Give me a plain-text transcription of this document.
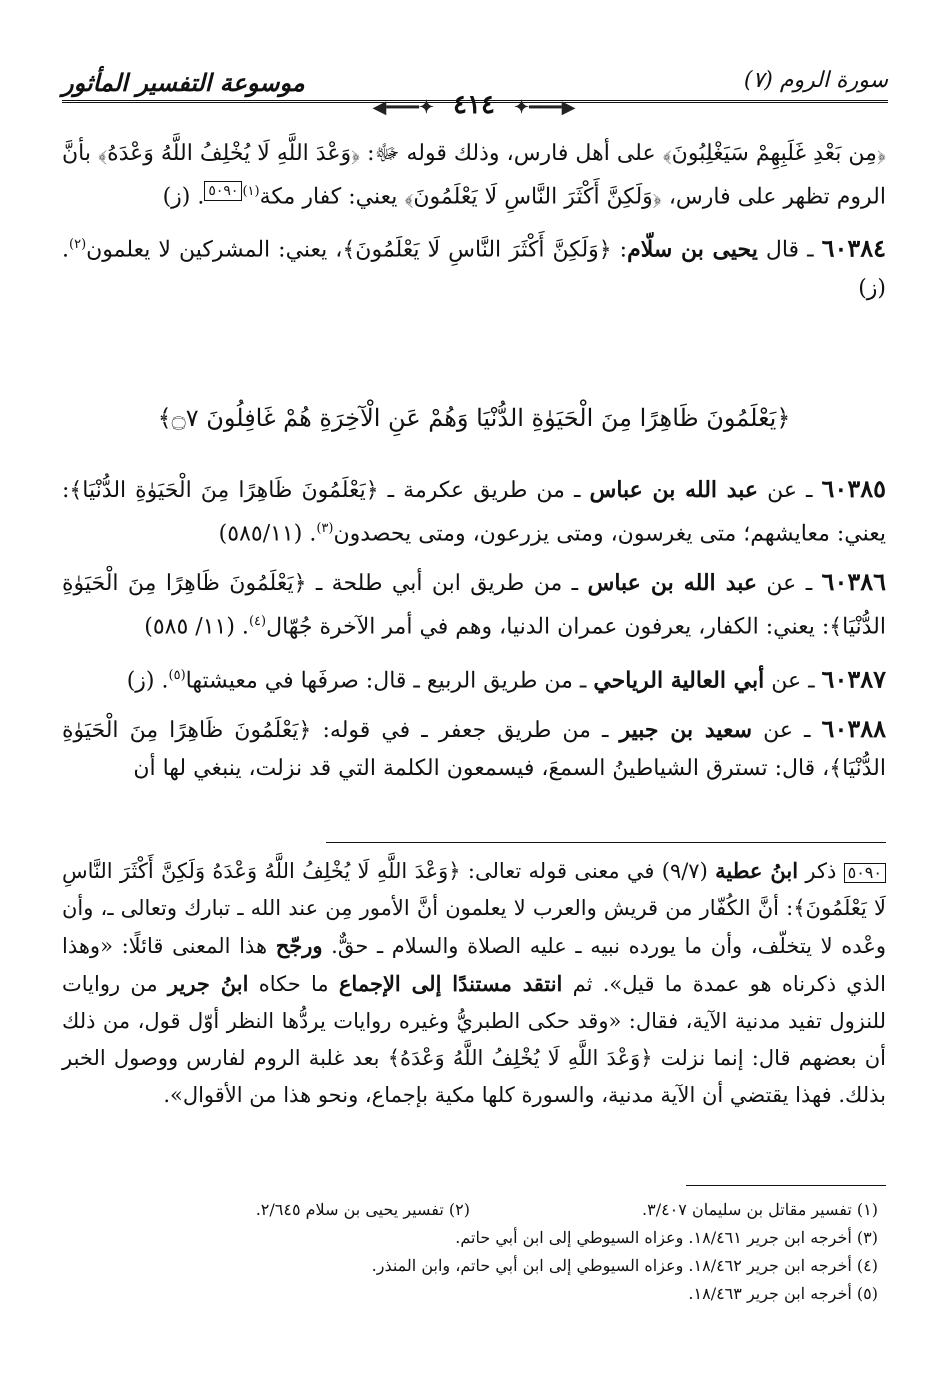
سورة الروم (٧)
موسوعة التفسير المأثور
◀━━━✦ ٤١٤ ✦━━━▶

﴿مِن بَعْدِ غَلَبِهِمْ سَيَغْلِبُونَ﴾ على أهل فارس، وذلك قوله ﷻ: ﴿وَعْدَ اللَّهِ لَا يُخْلِفُ اللَّهُ وَعْدَهُ﴾ بأنَّ الروم تظهر على فارس، ﴿وَلَكِنَّ أَكْثَرَ النَّاسِ لَا يَعْلَمُونَ﴾ يعني: كفار مكة$^{(١)}$٥٠٩٠. (ز)

٦٠٣٨٤ ـ قال يحيى بن سلّام: ﴿وَلَكِنَّ أَكْثَرَ النَّاسِ لَا يَعْلَمُونَ﴾، يعني: المشركين لا يعلمون$^{(٢)}$. (ز)

﴿يَعْلَمُونَ ظَاهِرًا مِنَ الْحَيَوٰةِ الدُّنْيَا وَهُمْ عَنِ الْآخِرَةِ هُمْ غَافِلُونَ ۝٧﴾

٦٠٣٨٥ ـ عن عبد الله بن عباس ـ من طريق عكرمة ـ ﴿يَعْلَمُونَ ظَاهِرًا مِنَ الْحَيَوٰةِ الدُّنْيَا﴾: يعني: معايشهم؛ متى يغرسون، ومتى يزرعون، ومتى يحصدون$^{(٣)}$. (٥٨٥/١١)

٦٠٣٨٦ ـ عن عبد الله بن عباس ـ من طريق ابن أبي طلحة ـ ﴿يَعْلَمُونَ ظَاهِرًا مِنَ الْحَيَوٰةِ الدُّنْيَا﴾: يعني: الكفار، يعرفون عمران الدنيا، وهم في أمر الآخرة جُهّال$^{(٤)}$. (١١/ ٥٨٥)

٦٠٣٨٧ ـ عن أبي العالية الرياحي ـ من طريق الربيع ـ قال: صرفَها في معيشتها$^{(٥)}$. (ز)

٦٠٣٨٨ ـ عن سعيد بن جبير ـ من طريق جعفر ـ في قوله: ﴿يَعْلَمُونَ ظَاهِرًا مِنَ الْحَيَوٰةِ الدُّنْيَا﴾، قال: تسترق الشياطينُ السمعَ، فيسمعون الكلمة التي قد نزلت، ينبغي لها أن

٥٠٩٠ ذكر ابنُ عطية (٩/٧) في معنى قوله تعالى: ﴿وَعْدَ اللَّهِ لَا يُخْلِفُ اللَّهُ وَعْدَهُ وَلَكِنَّ أَكْثَرَ النَّاسِ لَا يَعْلَمُونَ﴾: أنَّ الكُفّار من قريش والعرب لا يعلمون أنَّ الأمور مِن عند الله ـ تبارك وتعالى ـ، وأن وعْده لا يتخلّف، وأن ما يورده نبيه ـ عليه الصلاة والسلام ـ حقٌّ. ورجّح هذا المعنى قائلًا: «وهذا الذي ذكرناه هو عمدة ما قيل». ثم انتقد مستندًا إلى الإجماع ما حكاه ابنُ جرير من روايات للنزول تفيد مدنية الآية، فقال: «وقد حكى الطبريُّ وغيره روايات يردُّها النظر أوّل قول، من ذلك أن بعضهم قال: إنما نزلت ﴿وَعْدَ اللَّهِ لَا يُخْلِفُ اللَّهُ وَعْدَهُ﴾ بعد غلبة الروم لفارس ووصول الخبر بذلك. فهذا يقتضي أن الآية مدنية، والسورة كلها مكية بإجماع، ونحو هذا من الأقوال».
(١) تفسير مقاتل بن سليمان ٣/٤٠٧.
(٢) تفسير يحيى بن سلام ٢/٦٤٥.
(٣) أخرجه ابن جرير ١٨/٤٦١. وعزاه السيوطي إلى ابن أبي حاتم.
(٤) أخرجه ابن جرير ١٨/٤٦٢. وعزاه السيوطي إلى ابن أبي حاتم، وابن المنذر.
(٥) أخرجه ابن جرير ١٨/٤٦٣.
